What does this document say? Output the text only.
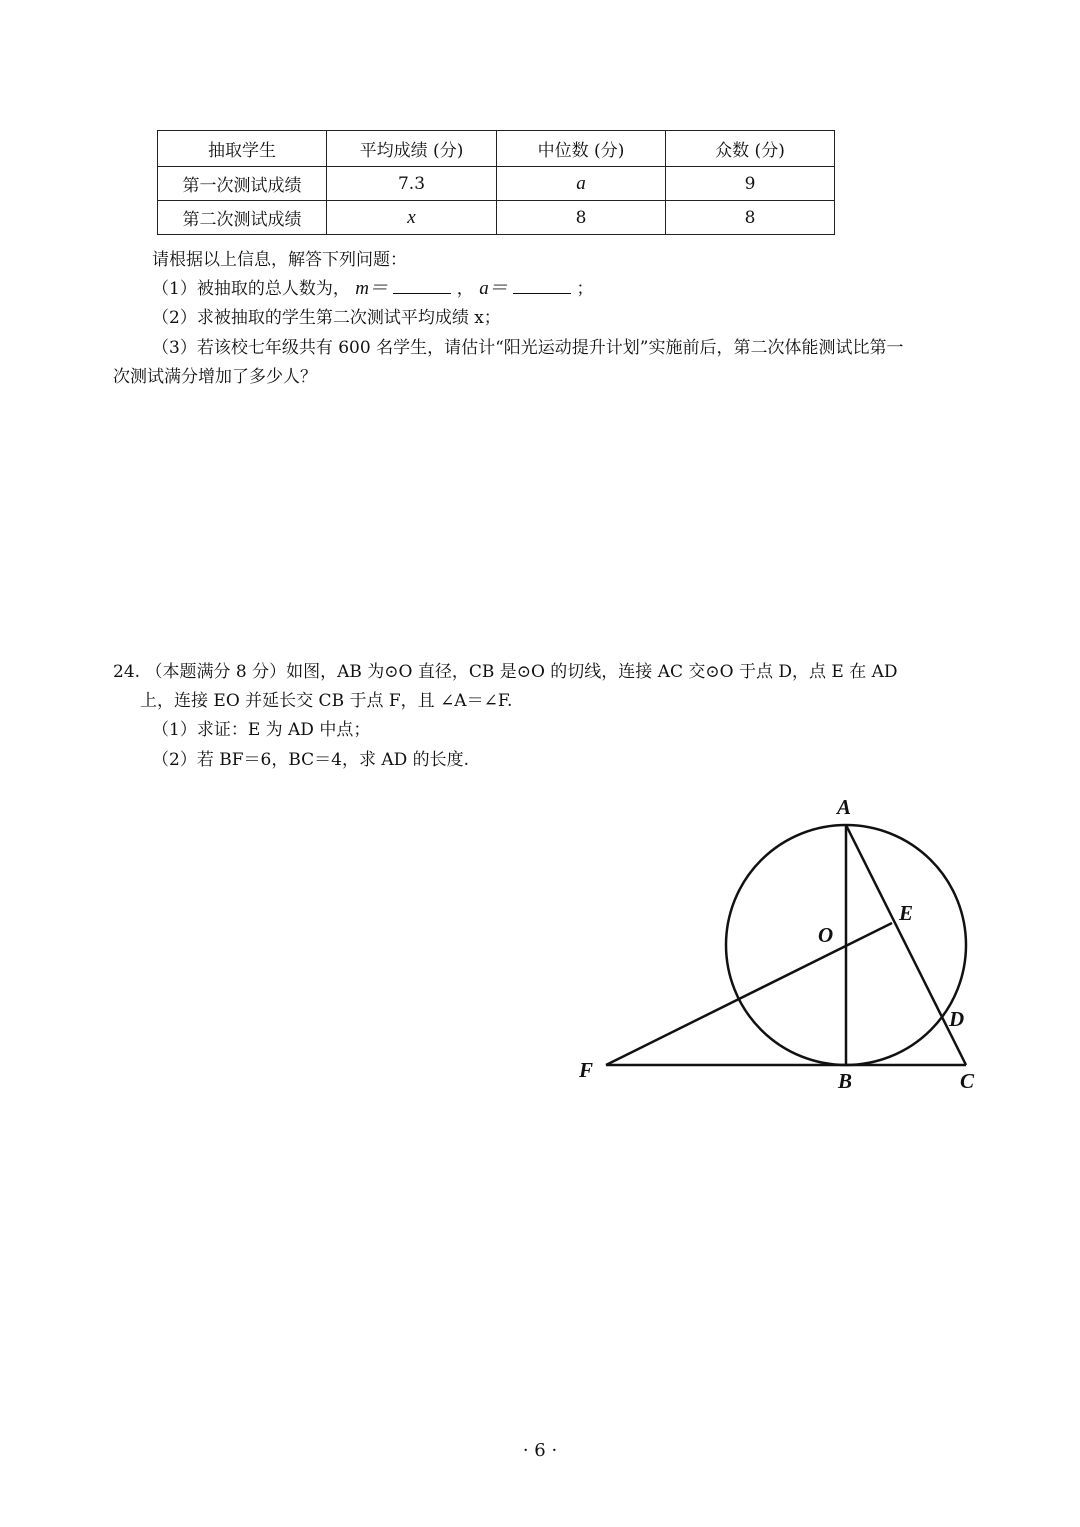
抽取学生	平均成绩 (分)	中位数 (分)	众数 (分)
第一次测试成绩	7.3	a	9
第二次测试成绩	x	8	8
请根据以上信息，解答下列问题：
（1）被抽取的总人数为， m＝	， a＝	；
（2）求被抽取的学生第二次测试平均成绩 x；
（3）若该校七年级共有 600 名学生，请估计“阳光运动提升计划”实施前后，第二次体能测试比第一
次测试满分增加了多少人？
24. （本题满分 8 分）如图，AB 为⊙O 直径，CB 是⊙O 的切线，连接 AC 交⊙O 于点 D，点 E 在 AD
上，连接 EO 并延长交 CB 于点 F，且 ∠A＝∠F.
（1）求证：E 为 AD 中点；
（2）若 BF＝6，BC＝4，求 AD 的长度.
A
O
E
D
F	B	C
· 6 ·
